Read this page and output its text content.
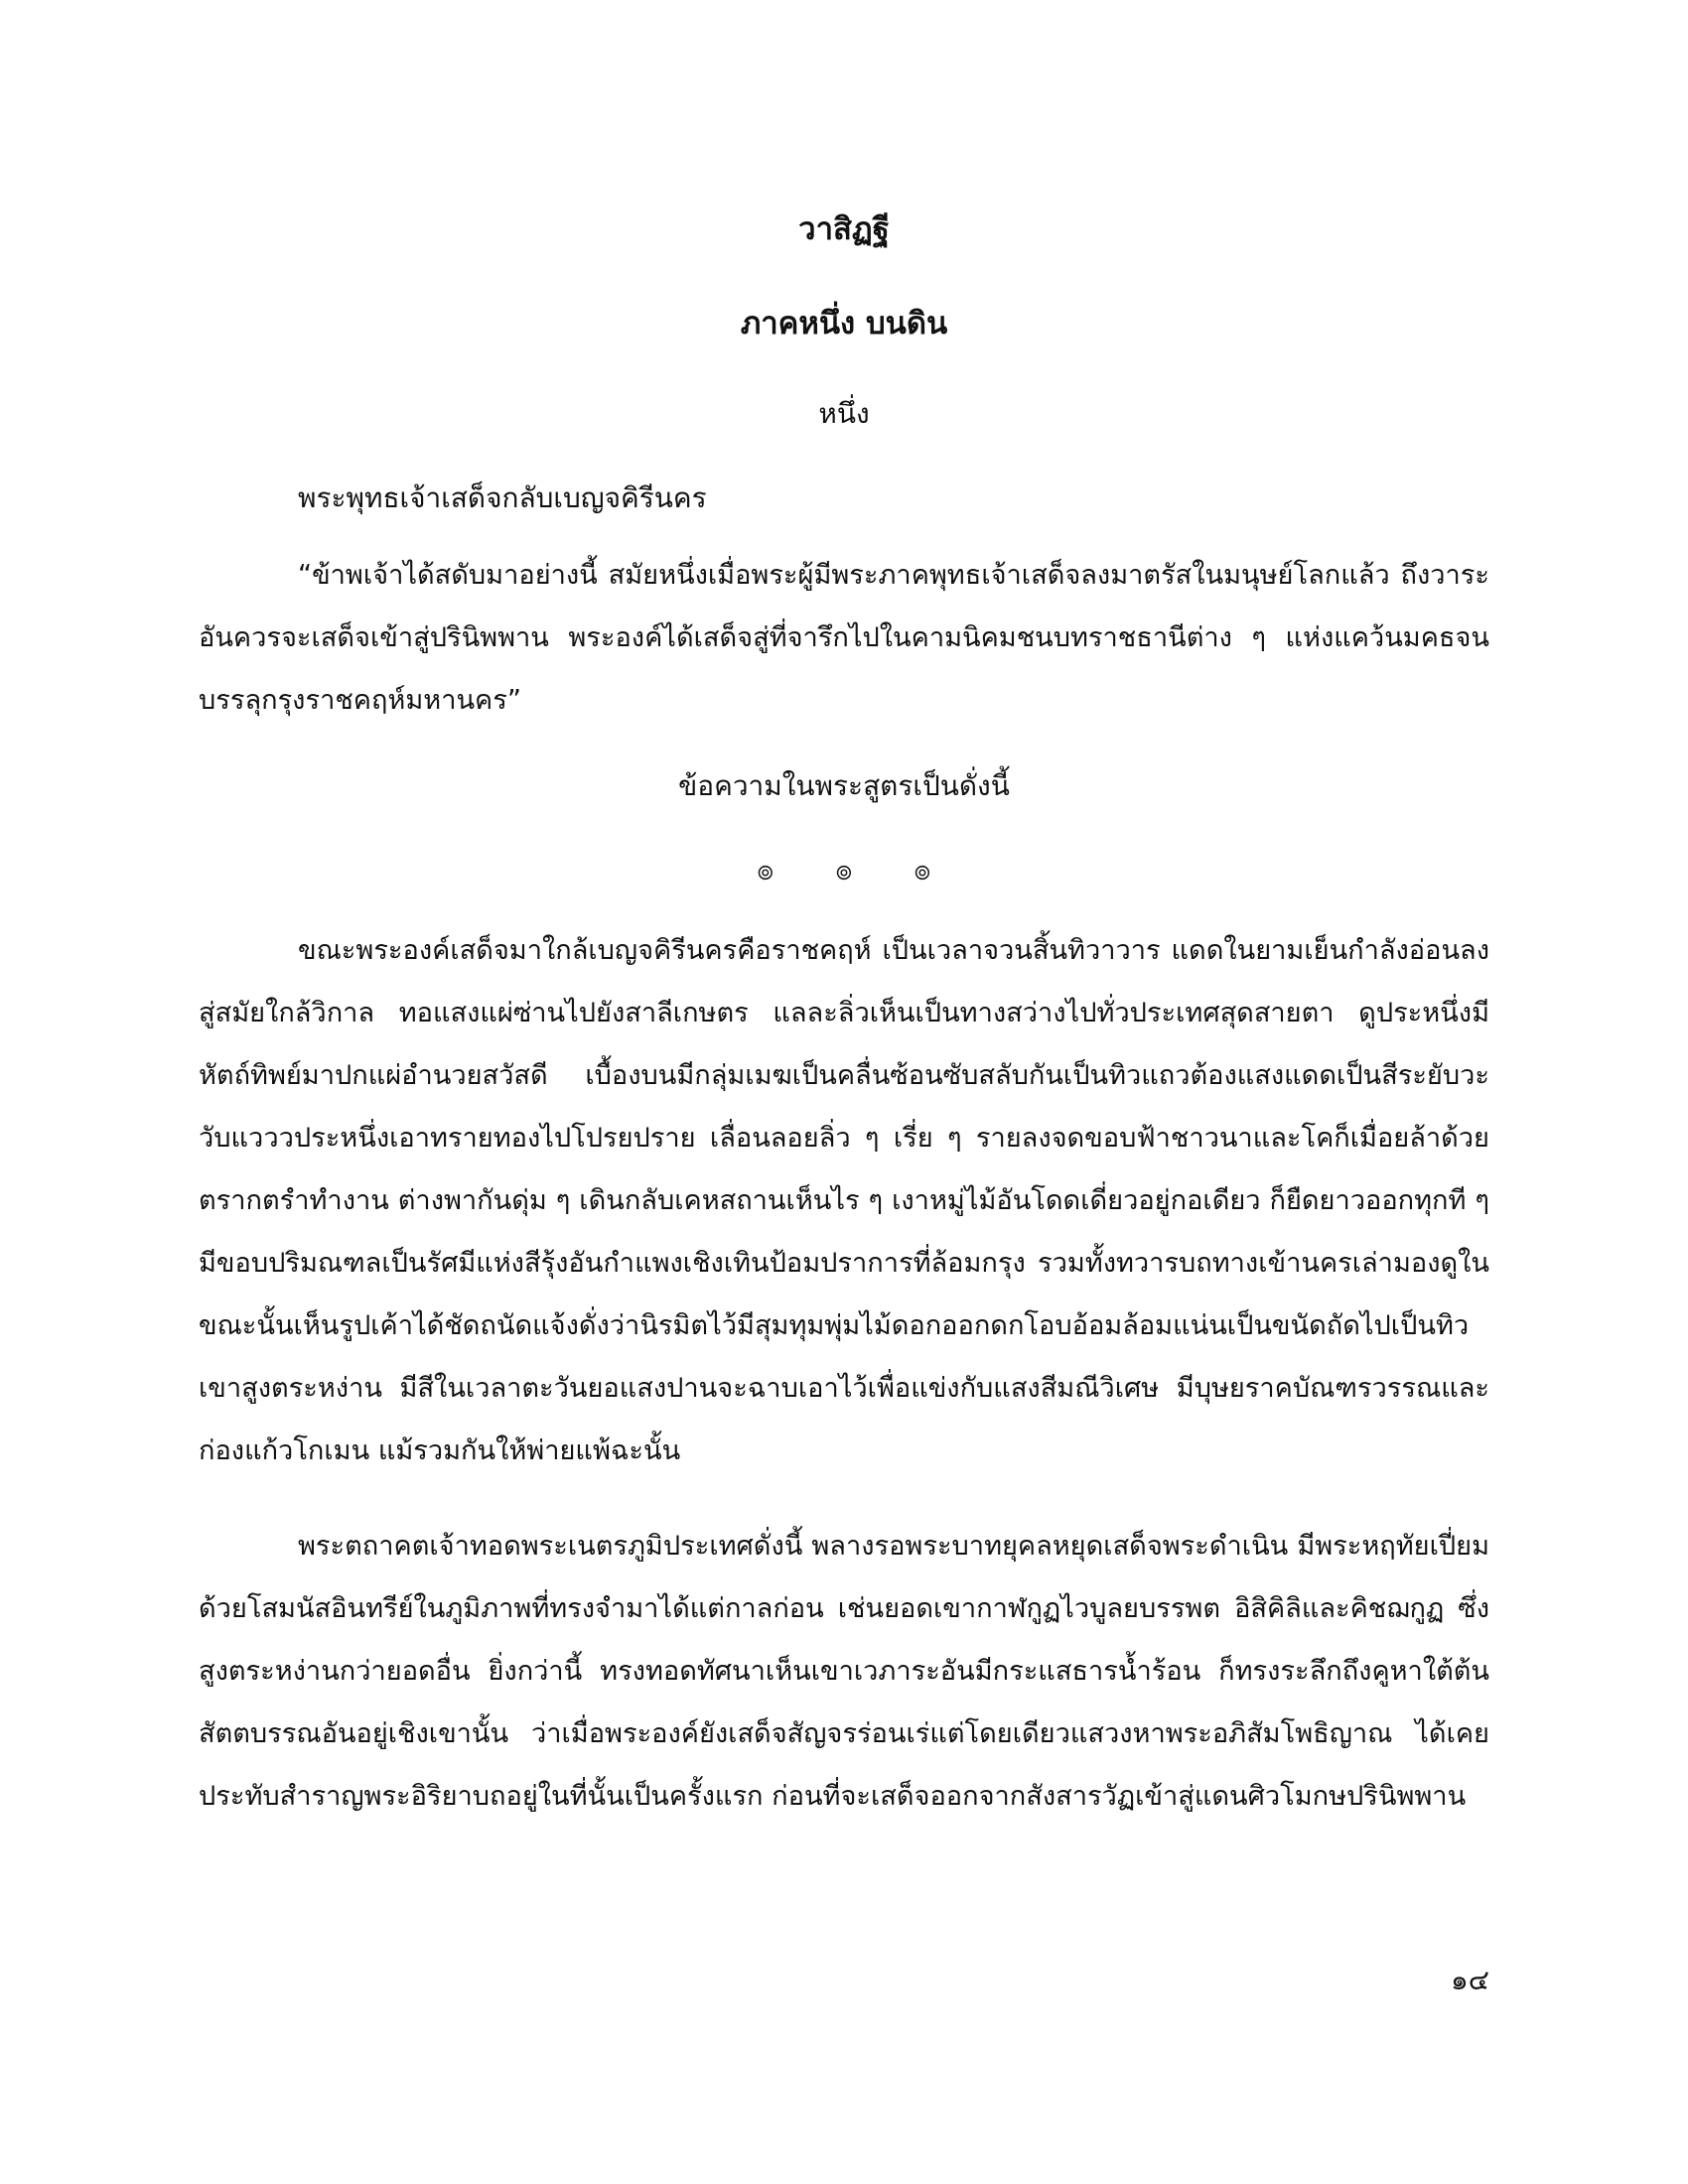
วาสิฏฐี
ภาคหนึ่ง บนดิน

หนึ่ง

พระพุทธเจ้าเสด็จกลับเบญจคิรีนคร

“ข้าพเจ้าได้สดับมาอย่างนี้ สมัยหนึ่งเมื่อพระผู้มีพระภาคพุทธเจ้าเสด็จลงมาตรัสในมนุษย์โลกแล้ว ถึงวาระอันควรจะเสด็จเข้าสู่ปรินิพพาน พระองค์ได้เสด็จสู่ที่จารึกไปในคามนิคมชนบทราชธานีต่าง ๆ แห่งแคว้นมคธจนบรรลุกรุงราชคฤห์มหานคร”

ข้อความในพระสูตรเป็นดั่งนี้

๏ ๏ ๏

ขณะพระองค์เสด็จมาใกล้เบญจคิรีนครคือราชคฤห์ เป็นเวลาจวนสิ้นทิวาวาร แดดในยามเย็นกำลังอ่อนลงสู่สมัยใกล้วิกาล ทอแสงแผ่ซ่านไปยังสาลีเกษตร แลละลิ่วเห็นเป็นทางสว่างไปทั่วประเทศสุดสายตา ดูประหนึ่งมีหัตถ์ทิพย์มาปกแผ่อำนวยสวัสดี เบื้องบนมีกลุ่มเมฆเป็นคลื่นซ้อนซับสลับกันเป็นทิวแถวต้องแสงแดดเป็นสีระยับวะวับแวววประหนึ่งเอาทรายทองไปโปรยปราย เลื่อนลอยลิ่ว ๆ เรี่ย ๆ รายลงจดขอบฟ้าชาวนาและโคก็เมื่อยล้าด้วยตรากตรำทำงาน ต่างพากันดุ่ม ๆ เดินกลับเคหสถานเห็นไร ๆ เงาหมู่ไม้อันโดดเดี่ยวอยู่กอเดียว ก็ยืดยาวออกทุกที ๆ มีขอบปริมณฑลเป็นรัศมีแห่งสีรุ้งอันกำแพงเชิงเทินป้อมปราการที่ล้อมกรุง รวมทั้งทวารบถทางเข้านครเล่ามองดูในขณะนั้นเห็นรูปเค้าได้ชัดถนัดแจ้งดั่งว่านิรมิตไว้มีสุมทุมพุ่มไม้ดอกออกดกโอบอ้อมล้อมแน่นเป็นขนัดถัดไปเป็นทิวเขาสูงตระหง่าน มีสีในเวลาตะวันยอแสงปานจะฉาบเอาไว้เพื่อแข่งกับแสงสีมณีวิเศษ มีบุษยราคบัณฑรวรรณและก่องแก้วโกเมน แม้รวมกันให้พ่ายแพ้ฉะนั้น

พระตถาคตเจ้าทอดพระเนตรภูมิประเทศดั่งนี้ พลางรอพระบาทยุคลหยุดเสด็จพระดำเนิน มีพระหฤทัยเปี่ยมด้วยโสมนัสอินทรีย์ในภูมิภาพที่ทรงจำมาได้แต่กาลก่อน เช่นยอดเขากาฬกูฏไวบูลยบรรพต อิสิคิลิและคิชฌกูฏ ซึ่งสูงตระหง่านกว่ายอดอื่น ยิ่งกว่านี้ ทรงทอดทัศนาเห็นเขาเวภาระอันมีกระแสธารน้ำร้อน ก็ทรงระลึกถึงคูหาใต้ต้นสัตตบรรณอันอยู่เชิงเขานั้น ว่าเมื่อพระองค์ยังเสด็จสัญจรร่อนเร่แต่โดยเดียวแสวงหาพระอภิสัมโพธิญาณ ได้เคยประทับสำราญพระอิริยาบถอยู่ในที่นั้นเป็นครั้งแรก ก่อนที่จะเสด็จออกจากสังสารวัฏเข้าสู่แดนศิวโมกษปรินิพพาน

๑๔
